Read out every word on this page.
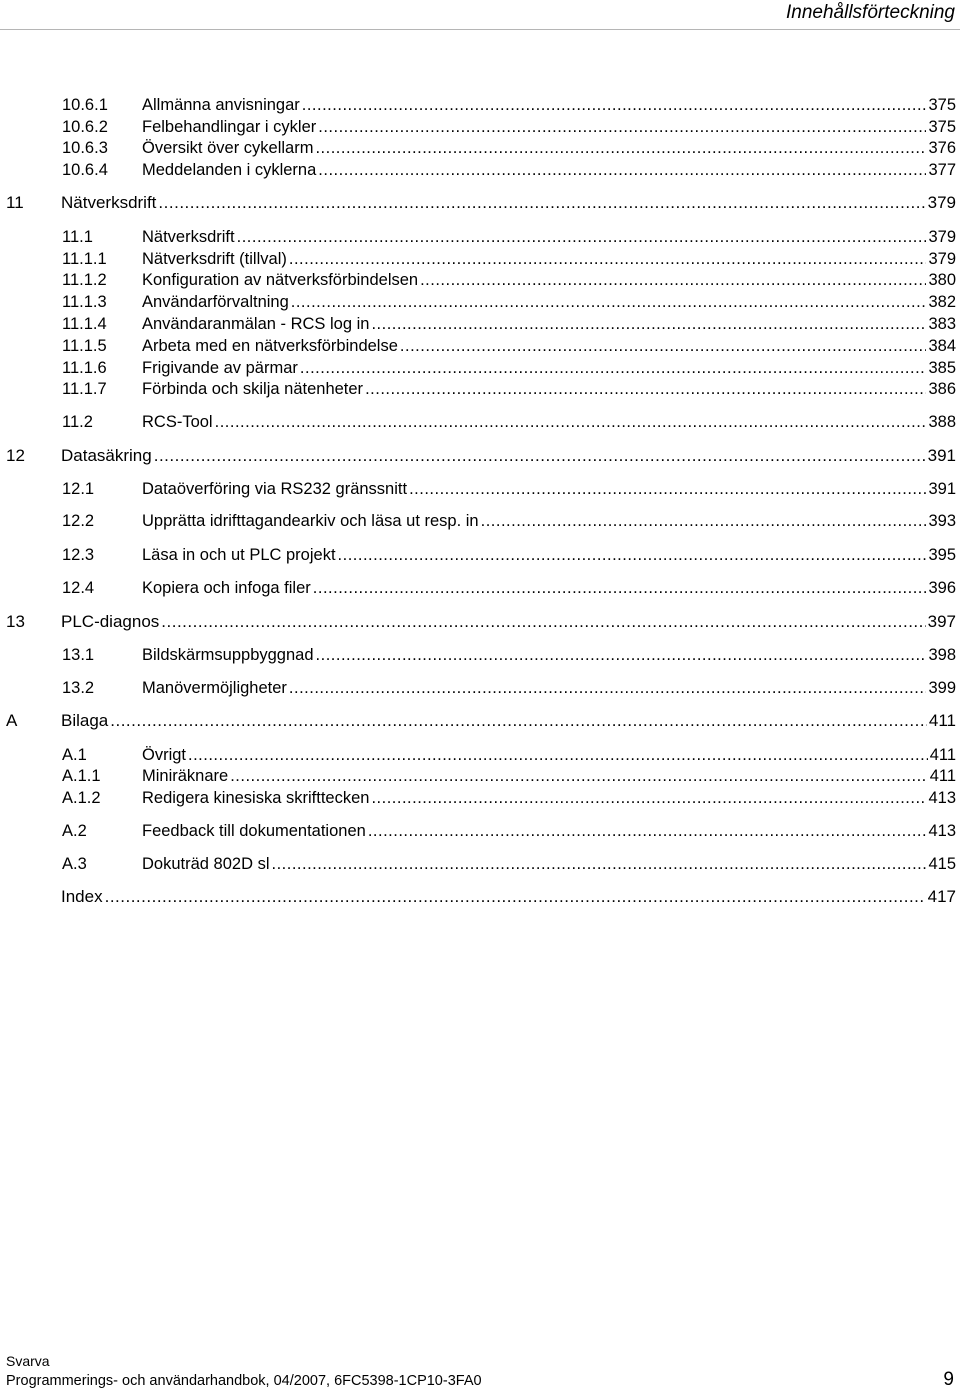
Innehållsförteckning
10.6.1	Allmänna anvisningar .....	375
10.6.2	Felbehandlingar i cykler .....	375
10.6.3	Översikt över cykellarm .....	376
10.6.4	Meddelanden i cyklerna .....	377
11	Nätverksdrift .....	379
11.1	Nätverksdrift .....	379
11.1.1	Nätverksdrift (tillval) .....	379
11.1.2	Konfiguration av nätverksförbindelsen .....	380
11.1.3	Användarförvaltning .....	382
11.1.4	Användaranmälan - RCS log in .....	383
11.1.5	Arbeta med en nätverksförbindelse .....	384
11.1.6	Frigivande av pärmar .....	385
11.1.7	Förbinda och skilja nätenheter .....	386
11.2	RCS-Tool .....	388
12	Datasäkring .....	391
12.1	Dataöverföring via RS232 gränssnitt .....	391
12.2	Upprätta idrifttagandearkiv och läsa ut resp. in .....	393
12.3	Läsa in och ut PLC projekt .....	395
12.4	Kopiera och infoga filer .....	396
13	PLC-diagnos .....	397
13.1	Bildskärmsuppbyggnad .....	398
13.2	Manövermöjligheter .....	399
A	Bilaga .....	411
A.1	Övrigt .....	411
A.1.1	Miniräknare .....	411
A.1.2	Redigera kinesiska skrifttecken .....	413
A.2	Feedback till dokumentationen .....	413
A.3	Dokuträd 802D sl .....	415
Index .....	417
Svarva
Programmerings- och användarhandbok, 04/2007, 6FC5398-1CP10-3FA0	9
